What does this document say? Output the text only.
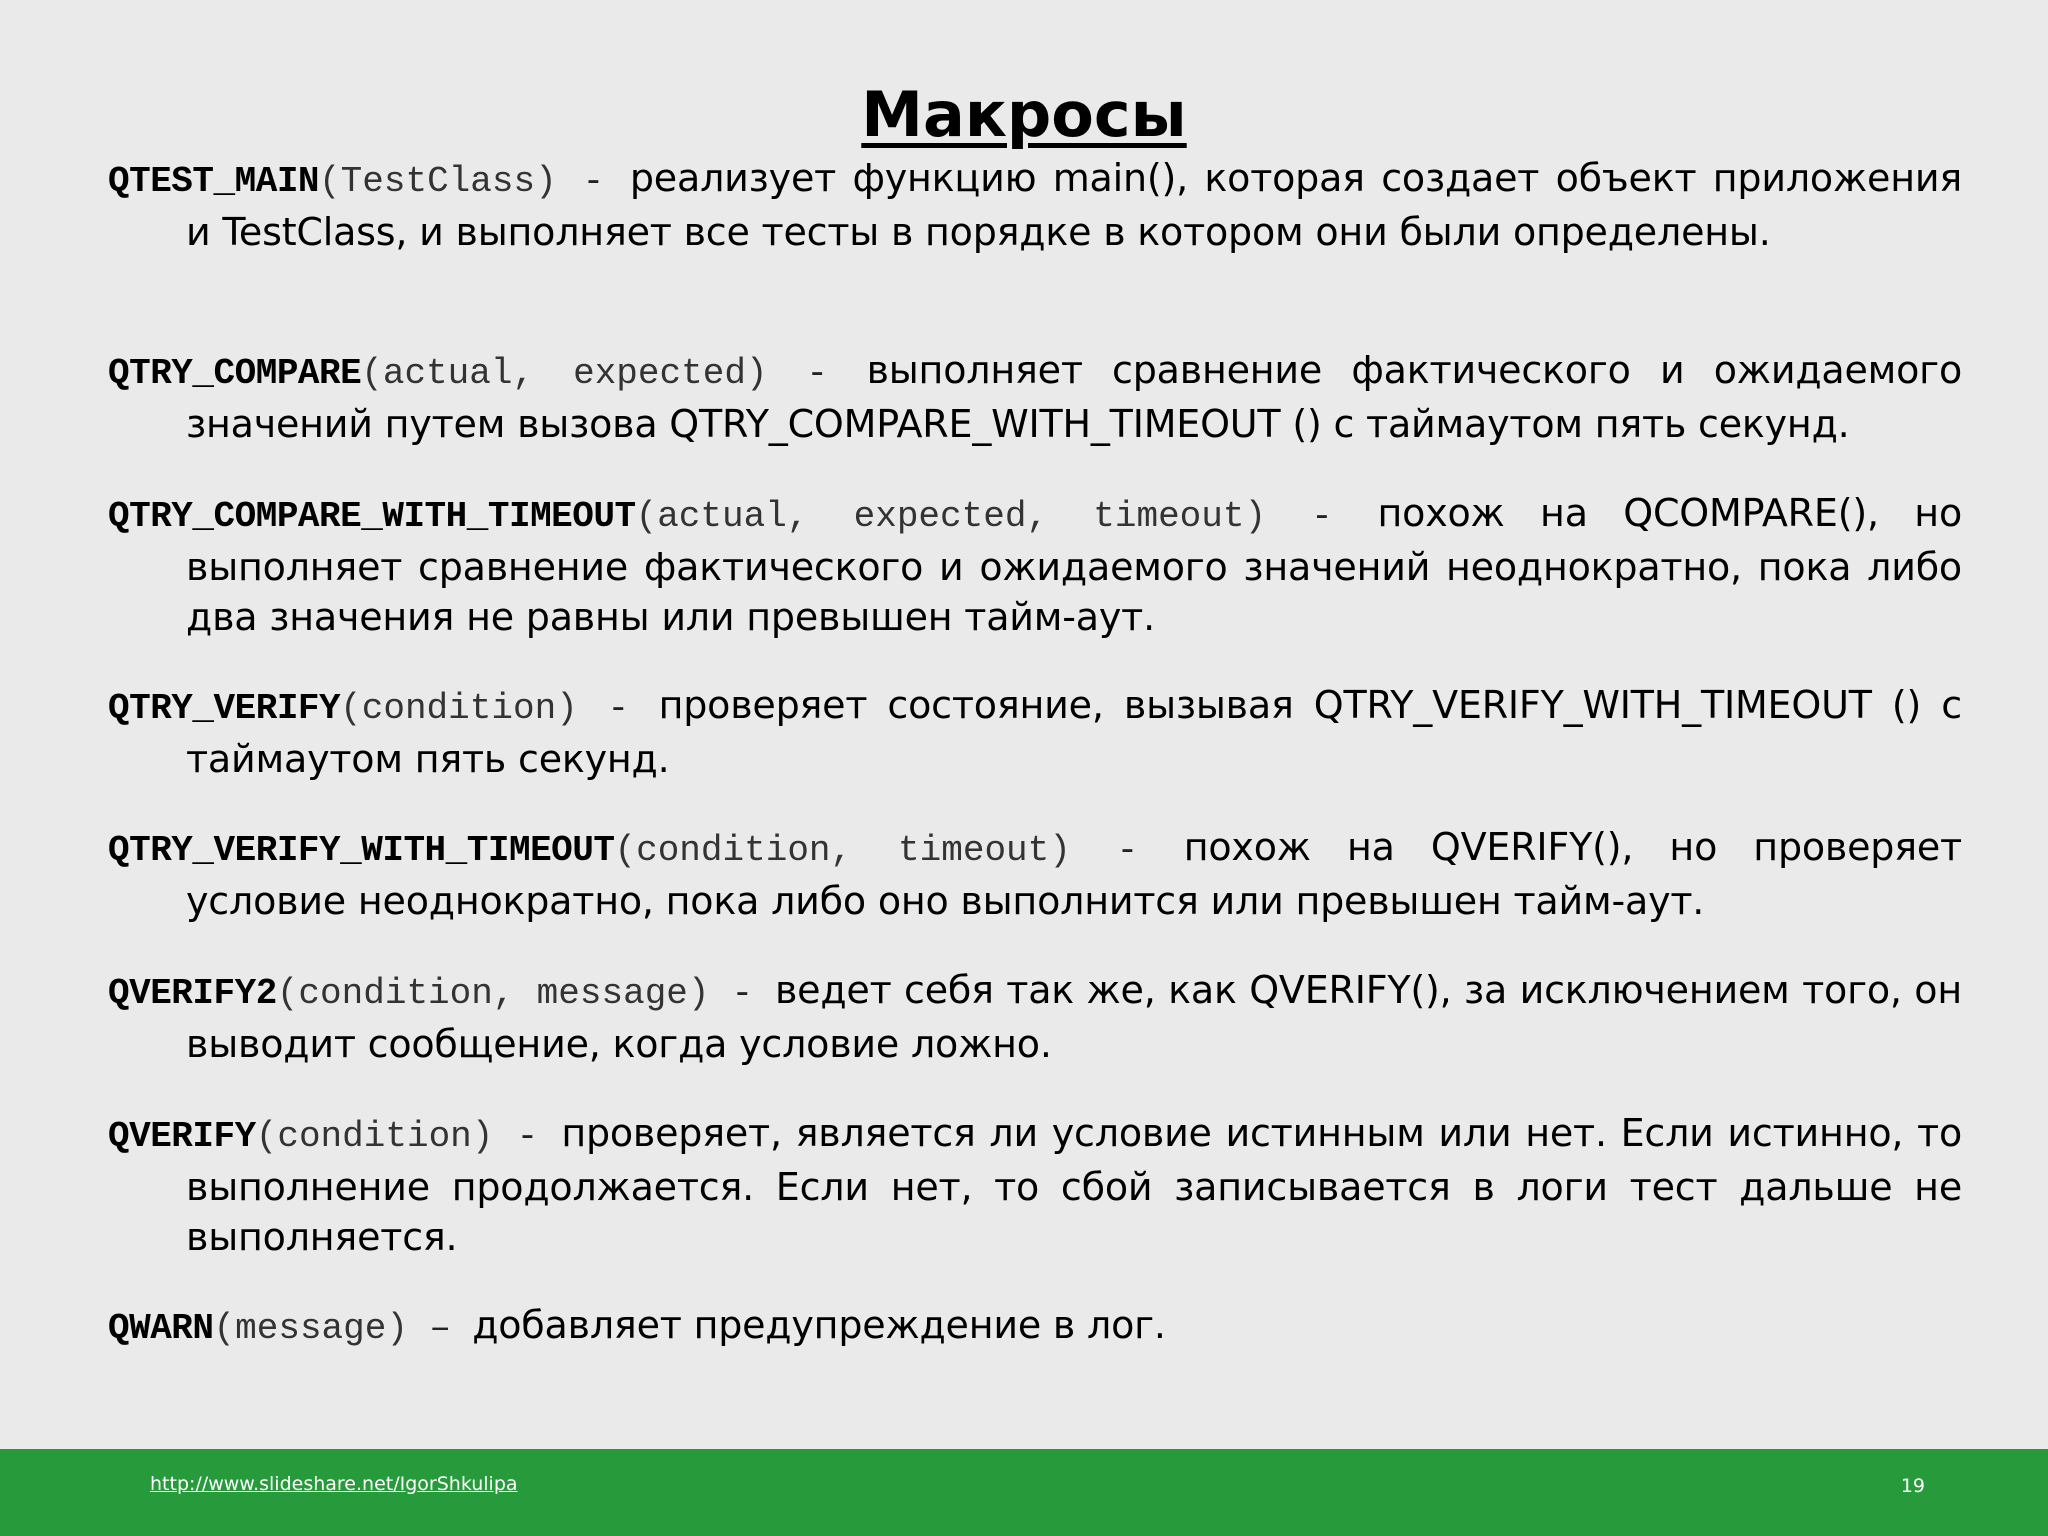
Макросы

QTEST_MAIN(TestClass) - реализует функцию main(), которая создает объект приложения и TestClass, и выполняет все тесты в порядке в котором они были определены.

QTRY_COMPARE(actual, expected) - выполняет сравнение фактического и ожидаемого значений путем вызова QTRY_COMPARE_WITH_TIMEOUT () с таймаутом пять секунд.

QTRY_COMPARE_WITH_TIMEOUT(actual, expected, timeout) - похож на QCOMPARE(), но выполняет сравнение фактического и ожидаемого значений неоднократно, пока либо два значения не равны или превышен тайм-аут.

QTRY_VERIFY(condition) - проверяет состояние, вызывая QTRY_VERIFY_WITH_TIMEOUT () с таймаутом пять секунд.

QTRY_VERIFY_WITH_TIMEOUT(condition, timeout) - похож на QVERIFY(), но проверяет условие неоднократно, пока либо оно выполнится или превышен тайм-аут.

QVERIFY2(condition, message) - ведет себя так же, как QVERIFY(), за исключением того, он выводит сообщение, когда условие ложно.

QVERIFY(condition) - проверяет, является ли условие истинным или нет. Если истинно, то выполнение продолжается. Если нет, то сбой записывается в логи тест дальше не выполняется.

QWARN(message) – добавляет предупреждение в лог.

http://www.slideshare.net/IgorShkulipa	19
